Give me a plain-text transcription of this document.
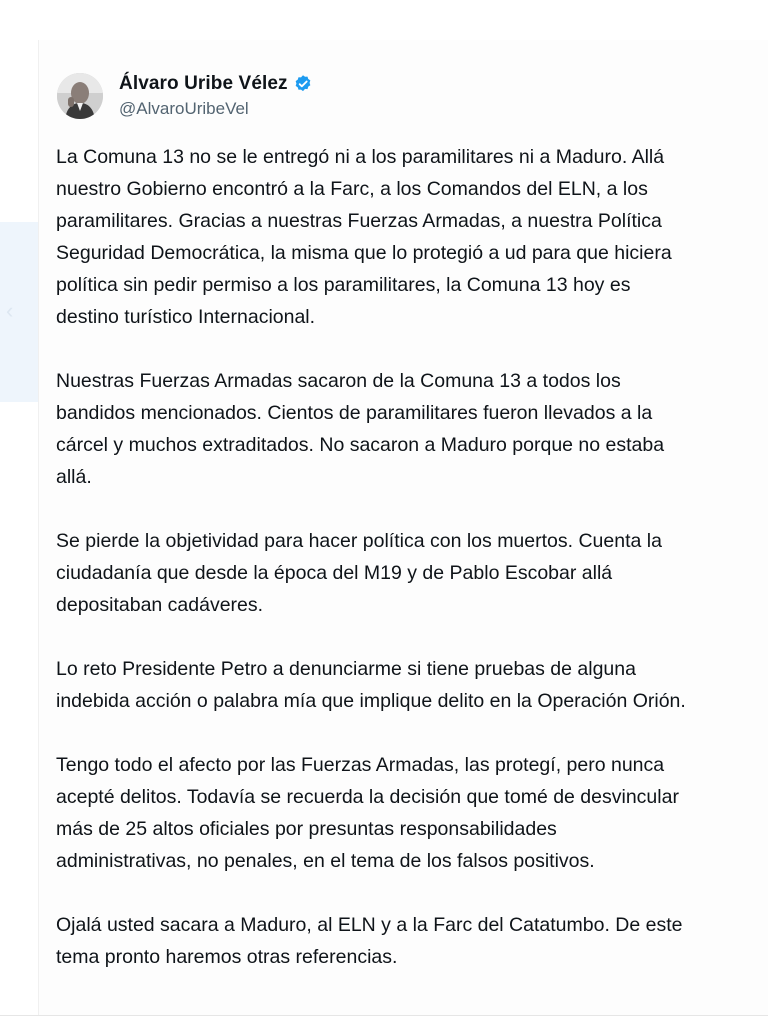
‹
Álvaro Uribe Vélez
@AlvaroUribeVel
La Comuna 13 no se le entregó ni a los paramilitares ni a Maduro. Allá
nuestro Gobierno encontró a la Farc, a los Comandos del ELN, a los
paramilitares. Gracias a nuestras Fuerzas Armadas, a nuestra Política
Seguridad Democrática, la misma que lo protegió a ud para que hiciera
política sin pedir permiso a los paramilitares, la Comuna 13 hoy es
destino turístico Internacional.
Nuestras Fuerzas Armadas sacaron de la Comuna 13 a todos los
bandidos mencionados. Cientos de paramilitares fueron llevados a la
cárcel y muchos extraditados. No sacaron a Maduro porque no estaba
allá.
Se pierde la objetividad para hacer política con los muertos. Cuenta la
ciudadanía que desde la época del M19 y de Pablo Escobar allá
depositaban cadáveres.
Lo reto Presidente Petro a denunciarme si tiene pruebas de alguna
indebida acción o palabra mía que implique delito en la Operación Orión.
Tengo todo el afecto por las Fuerzas Armadas, las protegí, pero nunca
acepté delitos. Todavía se recuerda la decisión que tomé de desvincular
más de 25 altos oficiales por presuntas responsabilidades
administrativas, no penales, en el tema de los falsos positivos.
Ojalá usted sacara a Maduro, al ELN y a la Farc del Catatumbo. De este
tema pronto haremos otras referencias.
